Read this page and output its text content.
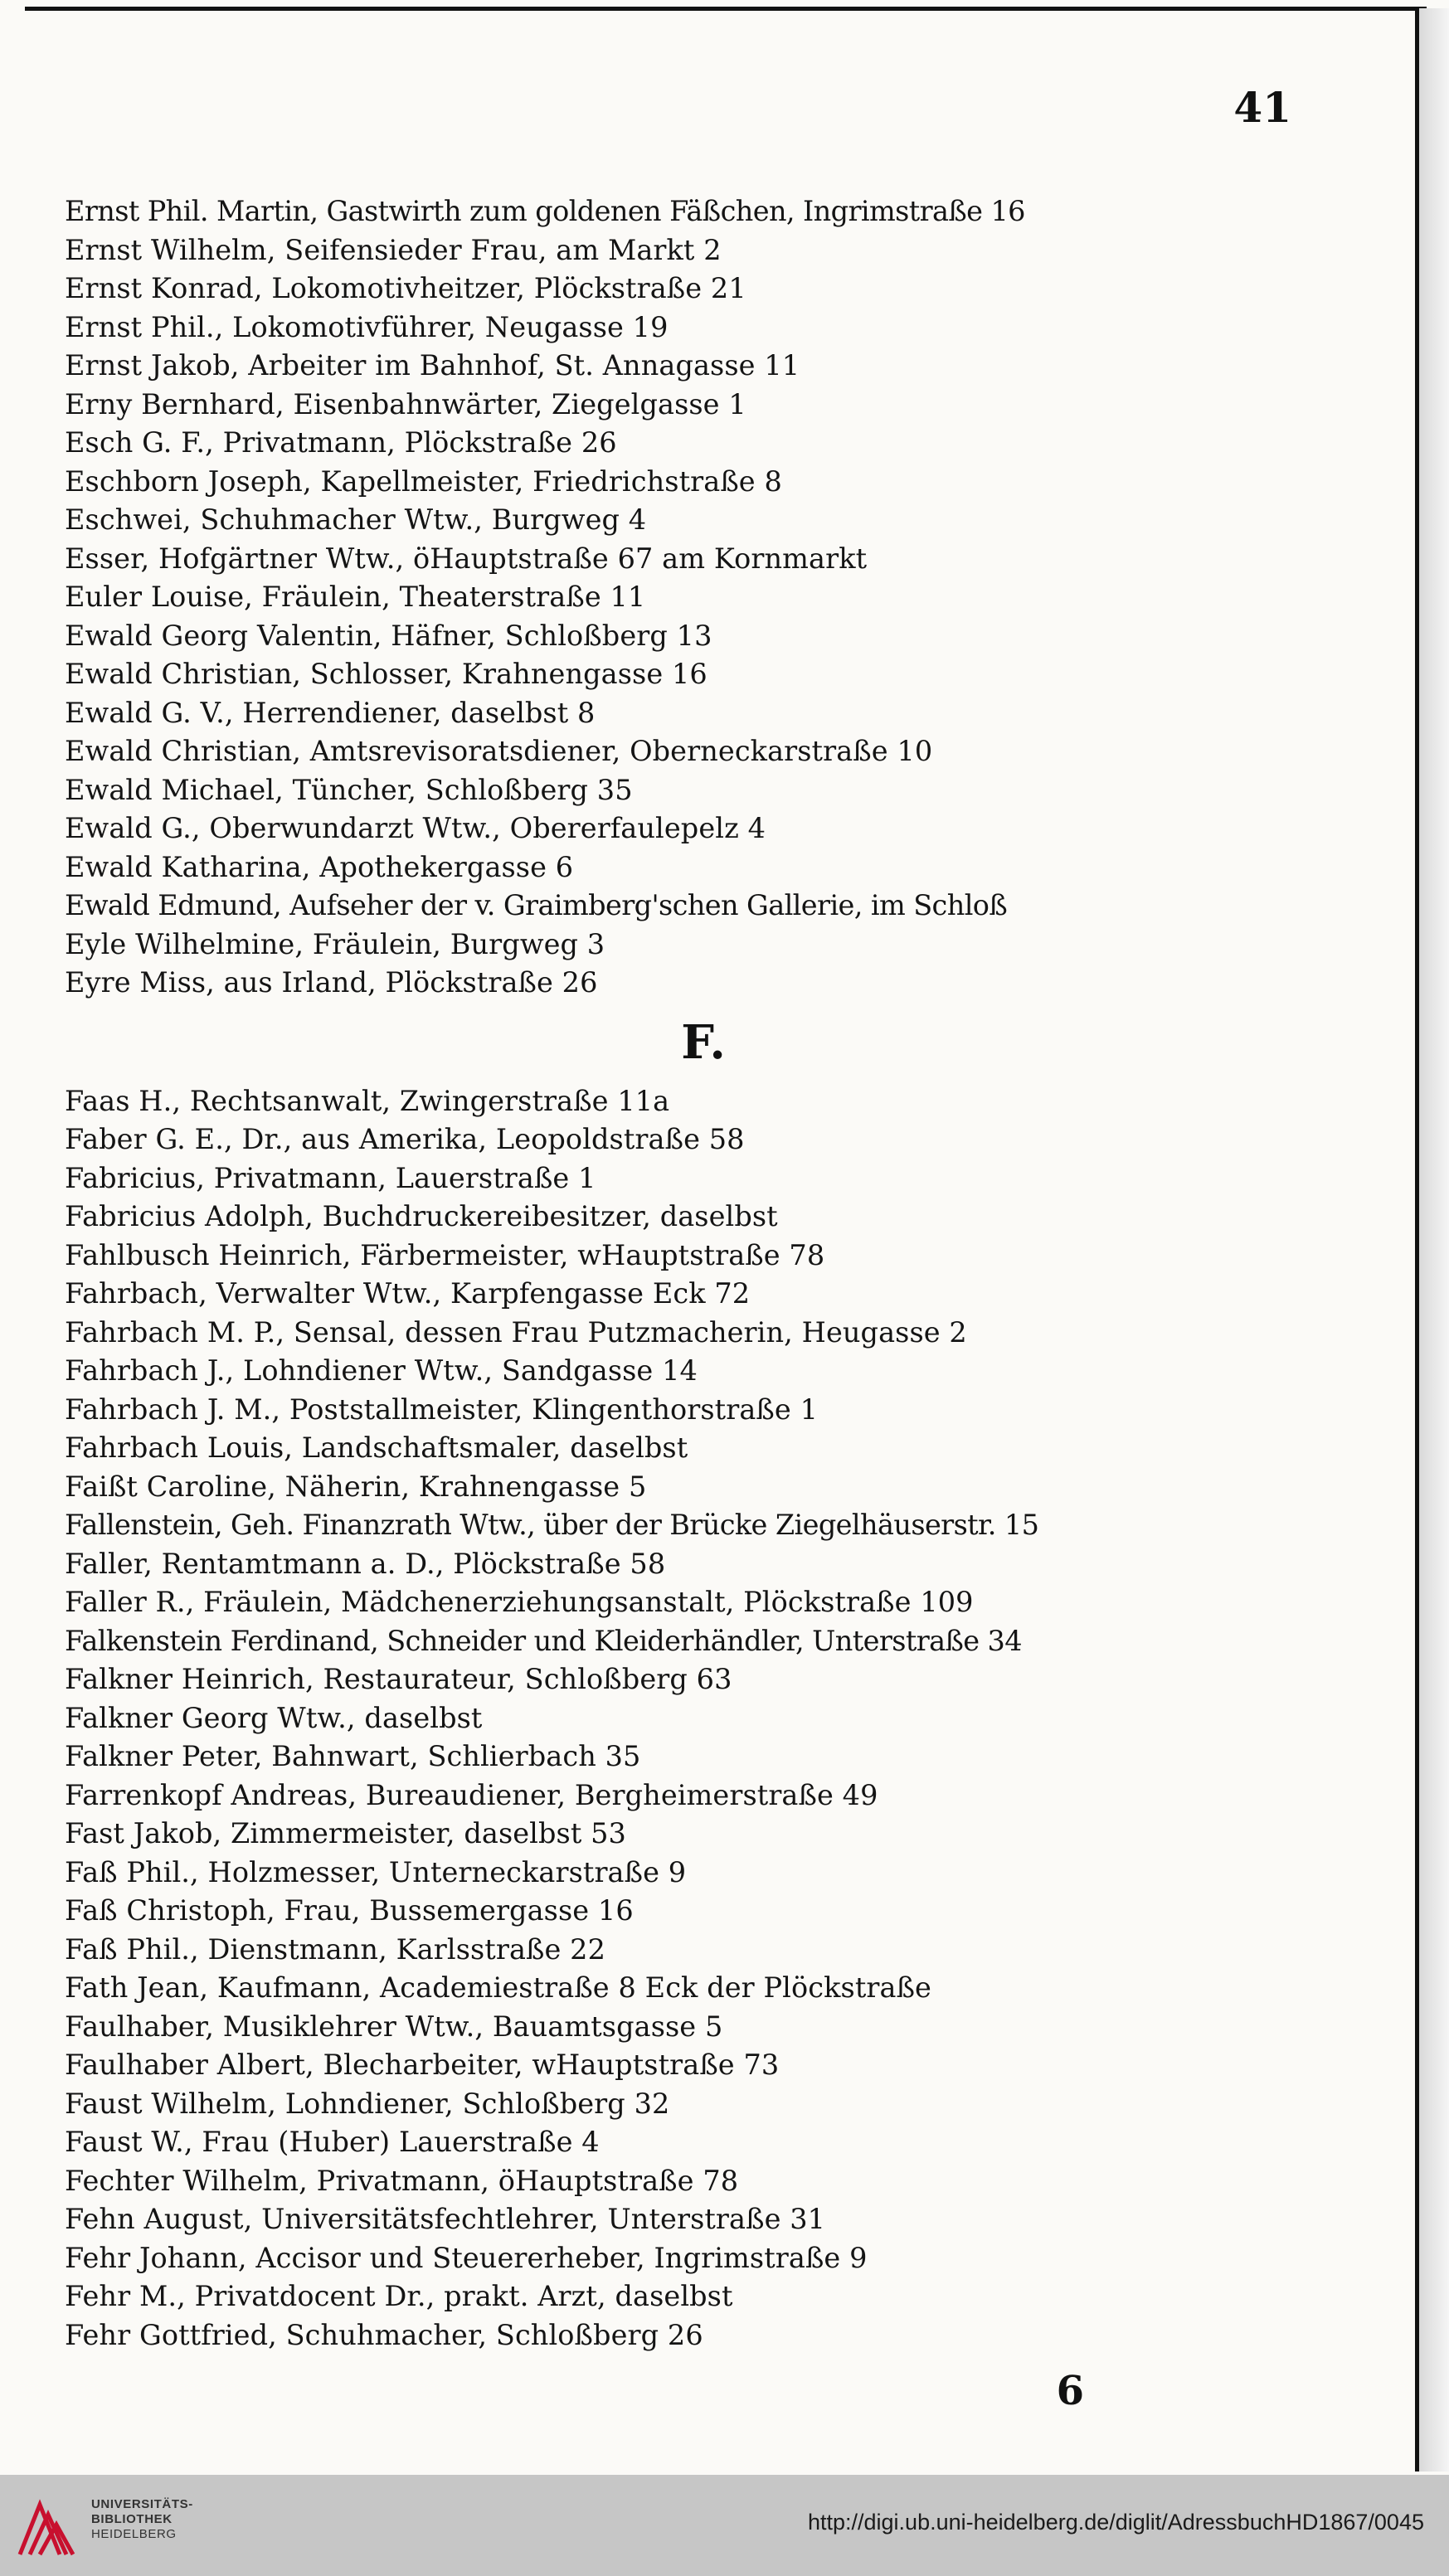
41
Ernst Phil. Martin, Gastwirth zum goldenen Fäßchen, Ingrimstraße 16
Ernst Wilhelm, Seifensieder Frau, am Markt 2
Ernst Konrad, Lokomotivheitzer, Plöckstraße 21
Ernst Phil., Lokomotivführer, Neugasse 19
Ernst Jakob, Arbeiter im Bahnhof, St. Annagasse 11
Erny Bernhard, Eisenbahnwärter, Ziegelgasse 1
Esch G. F., Privatmann, Plöckstraße 26
Eschborn Joseph, Kapellmeister, Friedrichstraße 8
Eschwei, Schuhmacher Wtw., Burgweg 4
Esser, Hofgärtner Wtw., öHauptstraße 67 am Kornmarkt
Euler Louise, Fräulein, Theaterstraße 11
Ewald Georg Valentin, Häfner, Schloßberg 13
Ewald Christian, Schlosser, Krahnengasse 16
Ewald G. V., Herrendiener, daselbst 8
Ewald Christian, Amtsrevisoratsdiener, Oberneckarstraße 10
Ewald Michael, Tüncher, Schloßberg 35
Ewald G., Oberwundarzt Wtw., Obererfaulepelz 4
Ewald Katharina, Apothekergasse 6
Ewald Edmund, Aufseher der v. Graimberg'schen Gallerie, im Schloß
Eyle Wilhelmine, Fräulein, Burgweg 3
Eyre Miss, aus Irland, Plöckstraße 26
F.
Faas H., Rechtsanwalt, Zwingerstraße 11a
Faber G. E., Dr., aus Amerika, Leopoldstraße 58
Fabricius, Privatmann, Lauerstraße 1
Fabricius Adolph, Buchdruckereibesitzer, daselbst
Fahlbusch Heinrich, Färbermeister, wHauptstraße 78
Fahrbach, Verwalter Wtw., Karpfengasse Eck 72
Fahrbach M. P., Sensal, dessen Frau Putzmacherin, Heugasse 2
Fahrbach J., Lohndiener Wtw., Sandgasse 14
Fahrbach J. M., Poststallmeister, Klingenthorstraße 1
Fahrbach Louis, Landschaftsmaler, daselbst
Faißt Caroline, Näherin, Krahnengasse 5
Fallenstein, Geh. Finanzrath Wtw., über der Brücke Ziegelhäuserstr. 15
Faller, Rentamtmann a. D., Plöckstraße 58
Faller R., Fräulein, Mädchenerziehungsanstalt, Plöckstraße 109
Falkenstein Ferdinand, Schneider und Kleiderhändler, Unterstraße 34
Falkner Heinrich, Restaurateur, Schloßberg 63
Falkner Georg Wtw., daselbst
Falkner Peter, Bahnwart, Schlierbach 35
Farrenkopf Andreas, Bureaudiener, Bergheimerstraße 49
Fast Jakob, Zimmermeister, daselbst 53
Faß Phil., Holzmesser, Unterneckarstraße 9
Faß Christoph, Frau, Bussemergasse 16
Faß Phil., Dienstmann, Karlsstraße 22
Fath Jean, Kaufmann, Academiestraße 8 Eck der Plöckstraße
Faulhaber, Musiklehrer Wtw., Bauamtsgasse 5
Faulhaber Albert, Blecharbeiter, wHauptstraße 73
Faust Wilhelm, Lohndiener, Schloßberg 32
Faust W., Frau (Huber) Lauerstraße 4
Fechter Wilhelm, Privatmann, öHauptstraße 78
Fehn August, Universitätsfechtlehrer, Unterstraße 31
Fehr Johann, Accisor und Steuererheber, Ingrimstraße 9
Fehr M., Privatdocent Dr., prakt. Arzt, daselbst
Fehr Gottfried, Schuhmacher, Schloßberg 26
6
UNIVERSITÄTS-
BIBLIOTHEK
HEIDELBERG	http://digi.ub.uni-heidelberg.de/diglit/AdressbuchHD1867/0045
